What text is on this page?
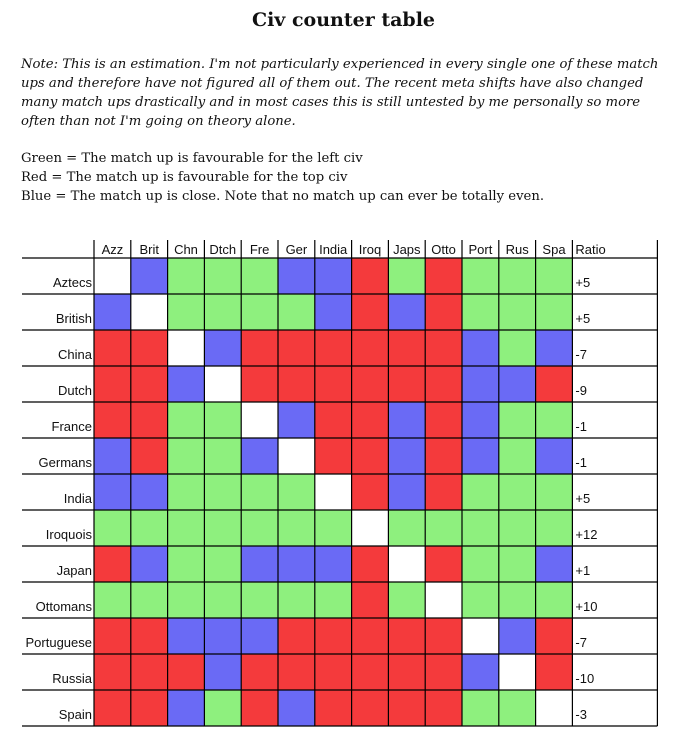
Civ counter table
Note: This is an estimation. I'm not particularly experienced in every single one of these match ups and therefore have not figured all of them out. The recent meta shifts have also changed many match ups drastically and in most cases this is still untested by me personally so more often than not I'm going on theory alone.
Green = The match up is favourable for the left civ
Red = The match up is favourable for the top civ
Blue = The match up is close. Note that no match up can ever be totally even.
Azz Brit Chn Dtch Fre Ger India Iroq Japs Otto Port Rus Spa Ratio
Aztecs	+5
British	+5
China	-7
Dutch	-9
France	-1
Germans	-1
India	+5
Iroquois	+12
Japan	+1
Ottomans	+10
Portuguese	-7
Russia	-10
Spain	-3
